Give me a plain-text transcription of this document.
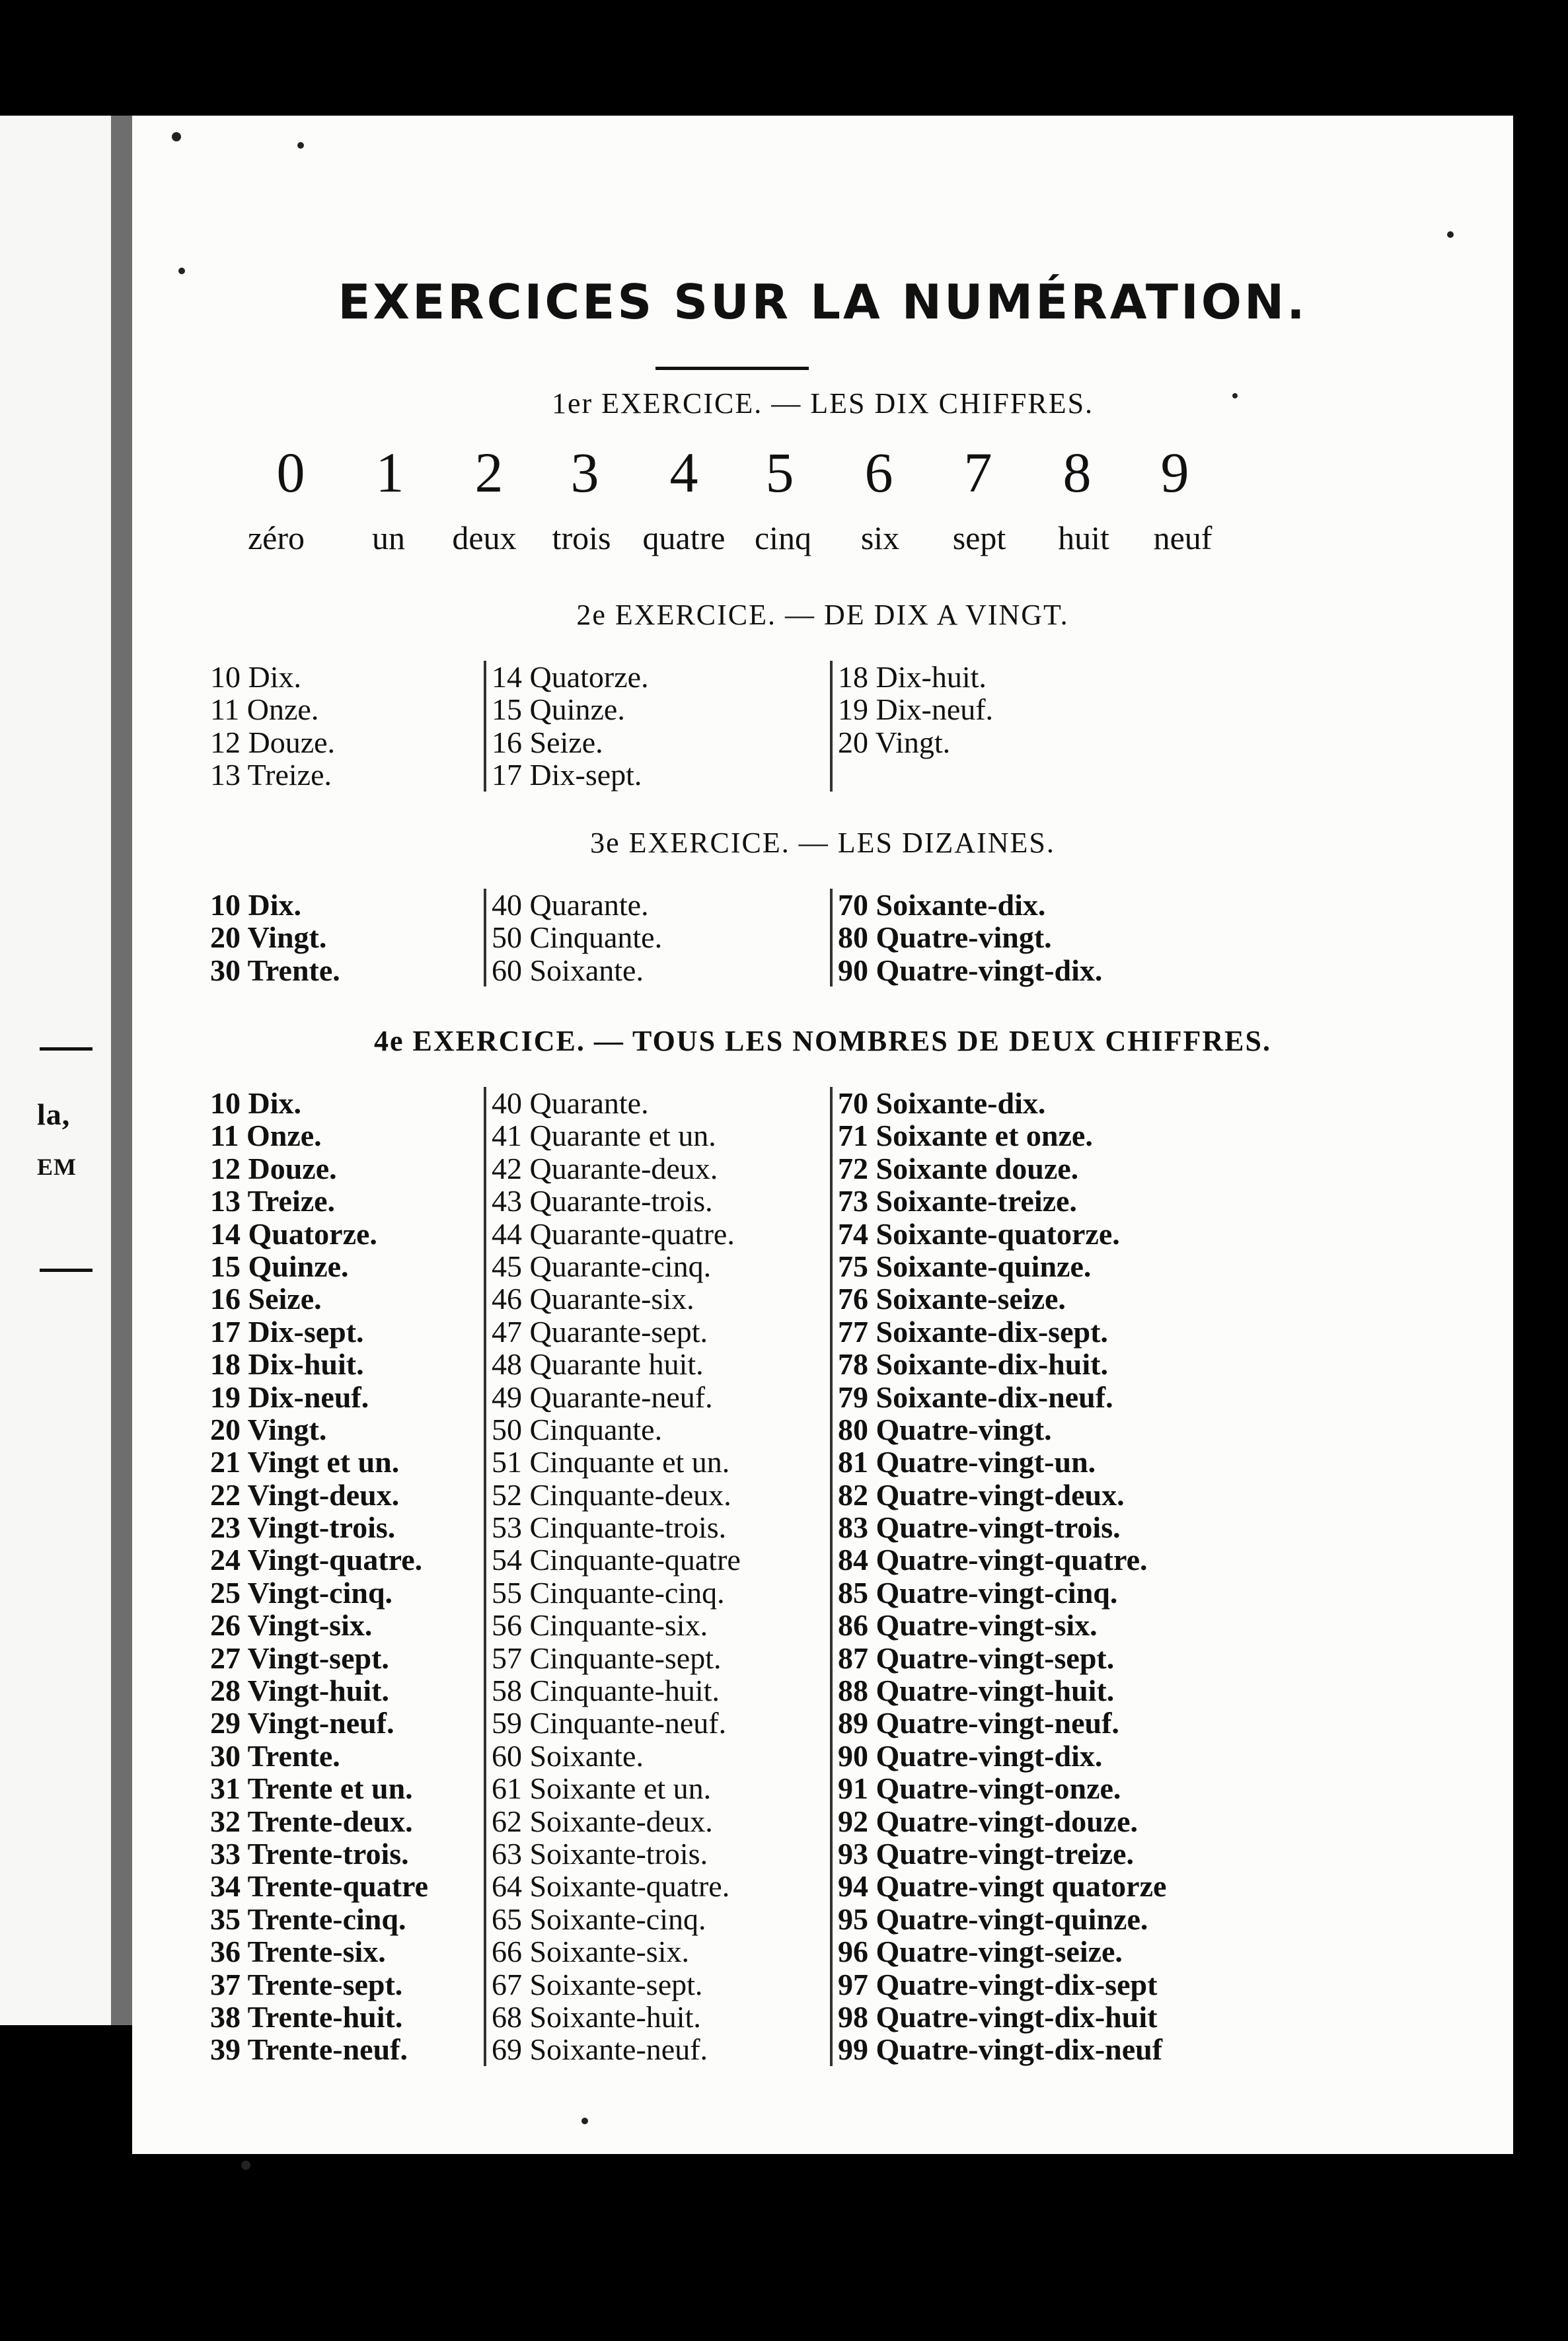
la,
EM
EXERCICES SUR LA NUMÉRATION.
1er EXERCICE. — LES DIX CHIFFRES.
0 1 2 3 4 5 6 7 8 9
zéro un deux trois quatre cinq six sept huit neuf
2e EXERCICE. — DE DIX A VINGT.
10 Dix.
11 Onze.
12 Douze.
13 Treize.
14 Quatorze.
15 Quinze.
16 Seize.
17 Dix-sept.
18 Dix-huit.
19 Dix-neuf.
20 Vingt.
3e EXERCICE. — LES DIZAINES.
10 Dix.
20 Vingt.
30 Trente.
40 Quarante.
50 Cinquante.
60 Soixante.
70 Soixante-dix.
80 Quatre-vingt.
90 Quatre-vingt-dix.
4e EXERCICE. — TOUS LES NOMBRES DE DEUX CHIFFRES.
10 Dix.
11 Onze.
12 Douze.
13 Treize.
14 Quatorze.
15 Quinze.
16 Seize.
17 Dix-sept.
18 Dix-huit.
19 Dix-neuf.
20 Vingt.
21 Vingt et un.
22 Vingt-deux.
23 Vingt-trois.
24 Vingt-quatre.
25 Vingt-cinq.
26 Vingt-six.
27 Vingt-sept.
28 Vingt-huit.
29 Vingt-neuf.
30 Trente.
31 Trente et un.
32 Trente-deux.
33 Trente-trois.
34 Trente-quatre
35 Trente-cinq.
36 Trente-six.
37 Trente-sept.
38 Trente-huit.
39 Trente-neuf.
40 Quarante.
41 Quarante et un.
42 Quarante-deux.
43 Quarante-trois.
44 Quarante-quatre.
45 Quarante-cinq.
46 Quarante-six.
47 Quarante-sept.
48 Quarante huit.
49 Quarante-neuf.
50 Cinquante.
51 Cinquante et un.
52 Cinquante-deux.
53 Cinquante-trois.
54 Cinquante-quatre
55 Cinquante-cinq.
56 Cinquante-six.
57 Cinquante-sept.
58 Cinquante-huit.
59 Cinquante-neuf.
60 Soixante.
61 Soixante et un.
62 Soixante-deux.
63 Soixante-trois.
64 Soixante-quatre.
65 Soixante-cinq.
66 Soixante-six.
67 Soixante-sept.
68 Soixante-huit.
69 Soixante-neuf.
70 Soixante-dix.
71 Soixante et onze.
72 Soixante douze.
73 Soixante-treize.
74 Soixante-quatorze.
75 Soixante-quinze.
76 Soixante-seize.
77 Soixante-dix-sept.
78 Soixante-dix-huit.
79 Soixante-dix-neuf.
80 Quatre-vingt.
81 Quatre-vingt-un.
82 Quatre-vingt-deux.
83 Quatre-vingt-trois.
84 Quatre-vingt-quatre.
85 Quatre-vingt-cinq.
86 Quatre-vingt-six.
87 Quatre-vingt-sept.
88 Quatre-vingt-huit.
89 Quatre-vingt-neuf.
90 Quatre-vingt-dix.
91 Quatre-vingt-onze.
92 Quatre-vingt-douze.
93 Quatre-vingt-treize.
94 Quatre-vingt quatorze
95 Quatre-vingt-quinze.
96 Quatre-vingt-seize.
97 Quatre-vingt-dix-sept
98 Quatre-vingt-dix-huit
99 Quatre-vingt-dix-neuf
